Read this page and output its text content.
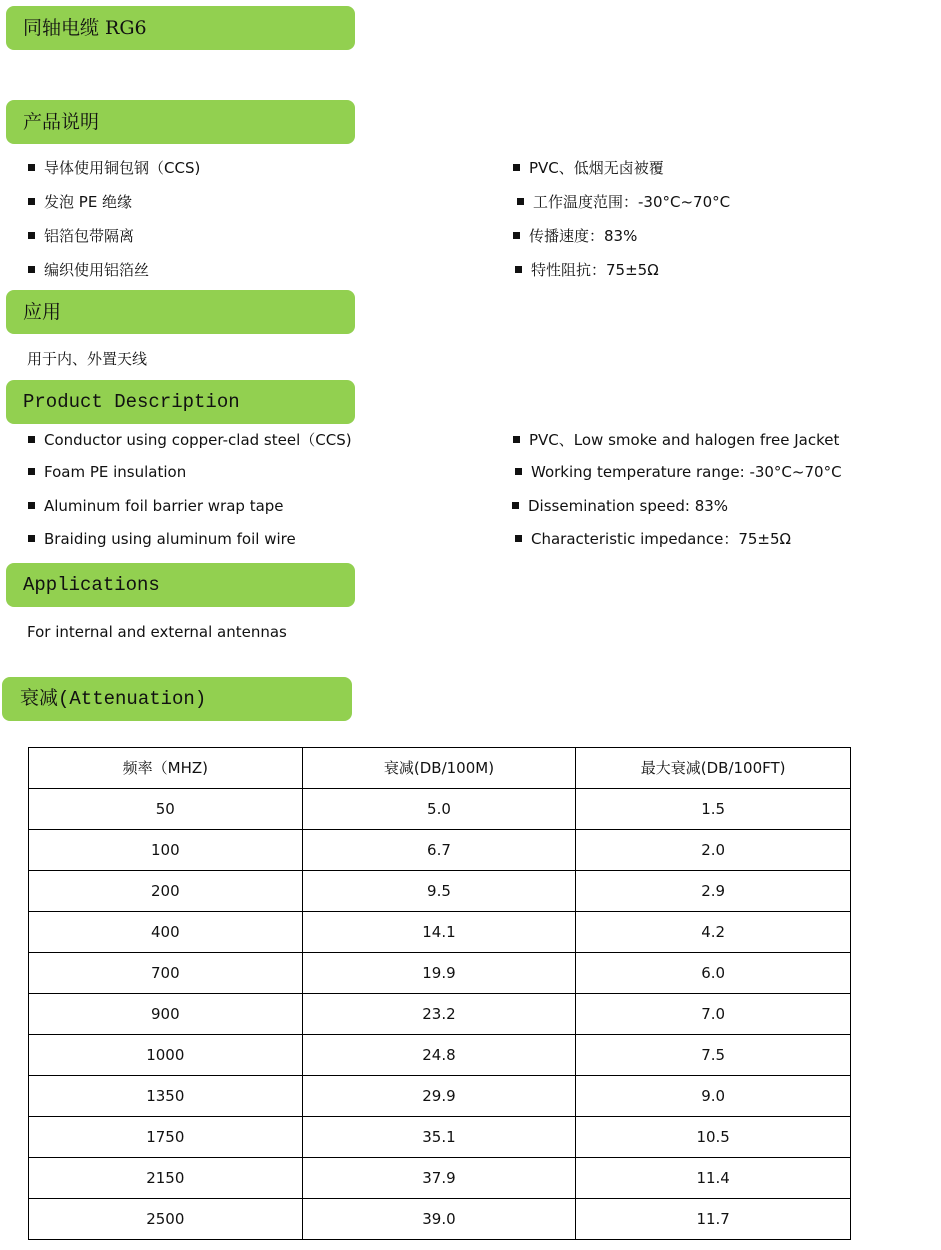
同轴电缆 RG6
产品说明
导体使用铜包钢（CCS)
发泡 PE 绝缘
铝箔包带隔离
编织使用铝箔丝
PVC、低烟无卤被覆
工作温度范围：-30°C~70°C
传播速度：83%
特性阻抗：75±5Ω
应用
用于内、外置天线
Product Description
Conductor using copper-clad steel（CCS)
Foam PE insulation
Aluminum foil barrier wrap tape
Braiding using aluminum foil wire
PVC、Low smoke and halogen free Jacket
Working temperature range: -30°C~70°C
Dissemination speed: 83%
Characteristic impedance：75±5Ω
Applications
For internal and external antennas
衰减(Attenuation)
频率（MHZ)	衰减(DB/100M)	最大衰减(DB/100FT)
50	5.0	1.5
100	6.7	2.0
200	9.5	2.9
400	14.1	4.2
700	19.9	6.0
900	23.2	7.0
1000	24.8	7.5
1350	29.9	9.0
1750	35.1	10.5
2150	37.9	11.4
2500	39.0	11.7
